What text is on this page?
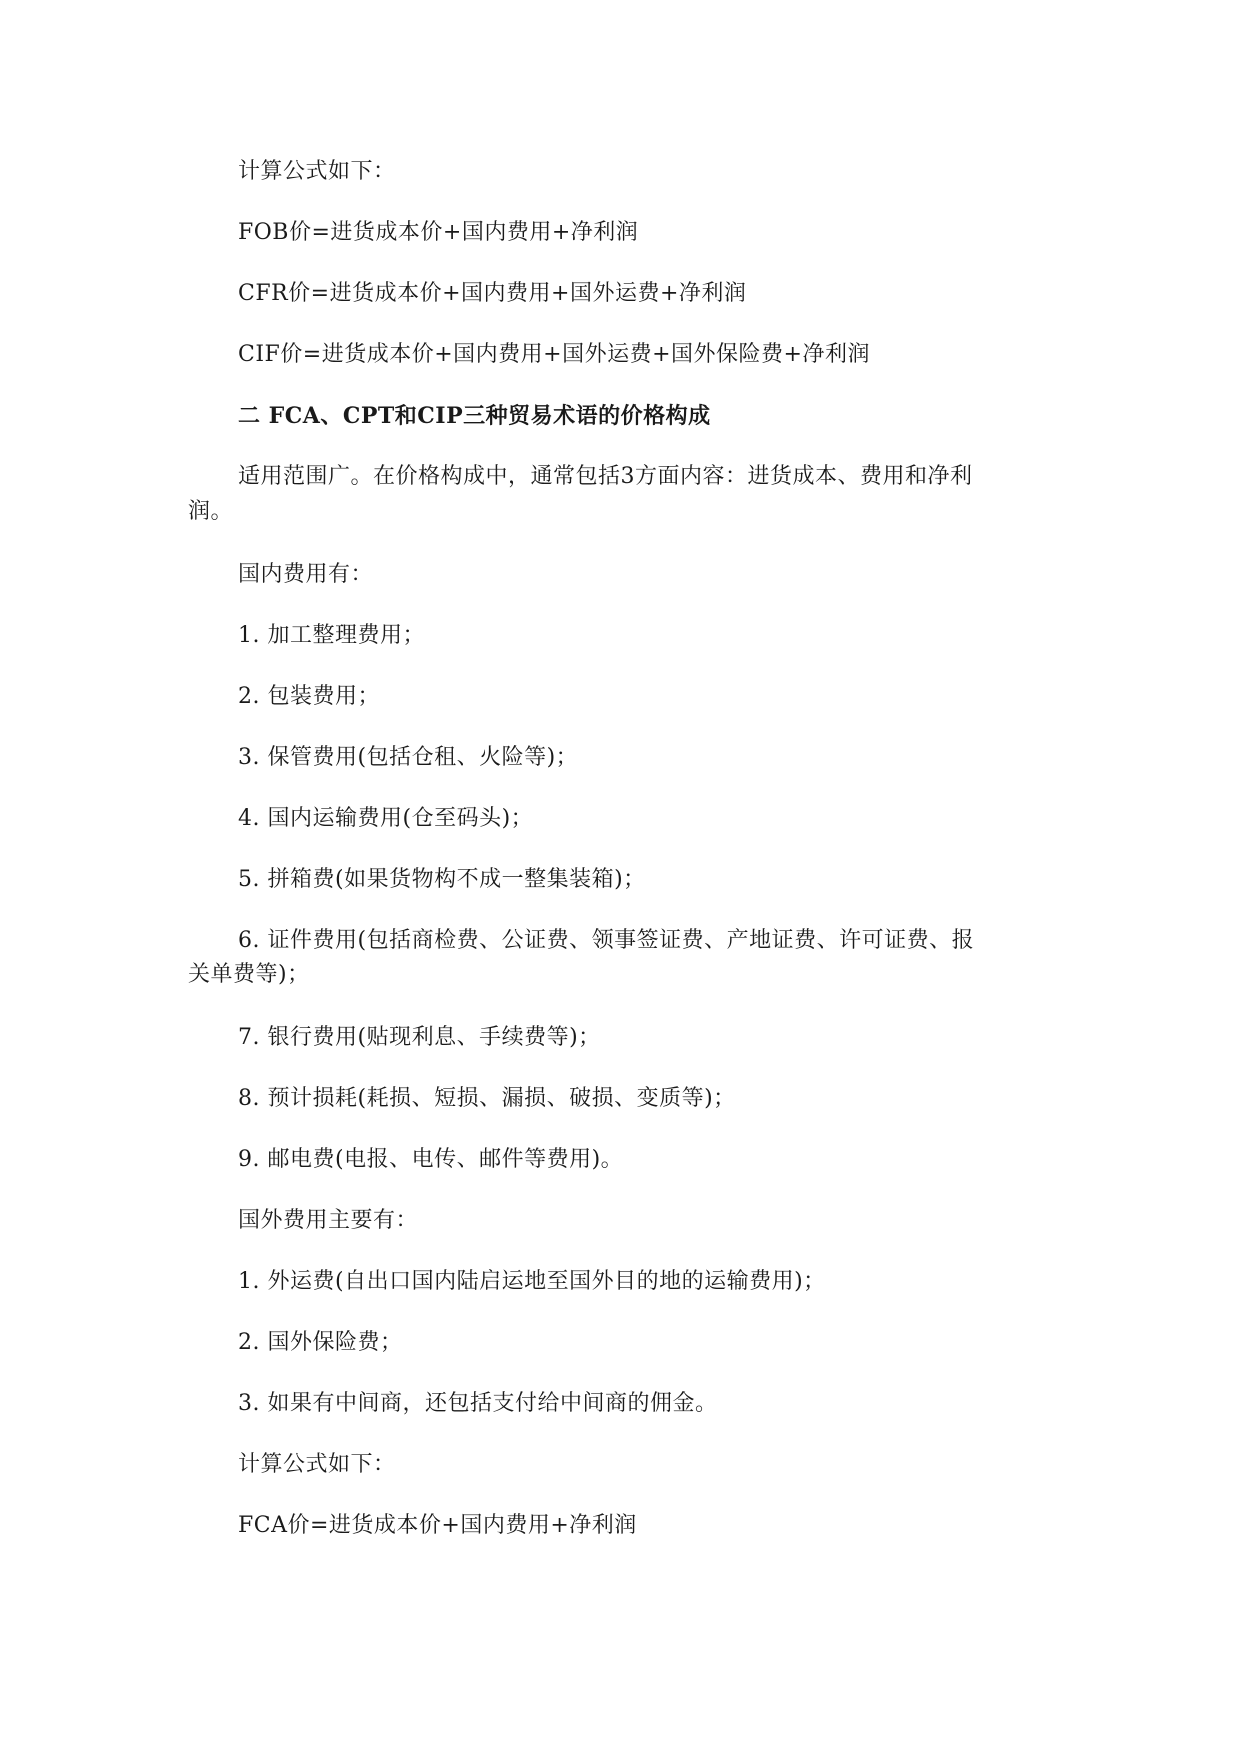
计算公式如下：
FOB价=进货成本价+国内费用+净利润
CFR价=进货成本价+国内费用+国外运费+净利润
CIF价=进货成本价+国内费用+国外运费+国外保险费+净利润
二 FCA、CPT和CIP三种贸易术语的价格构成
适用范围广。在价格构成中，通常包括3方面内容：进货成本、费用和净利
润。
国内费用有：
1. 加工整理费用；
2. 包装费用；
3. 保管费用(包括仓租、火险等)；
4. 国内运输费用(仓至码头)；
5. 拼箱费(如果货物构不成一整集装箱)；
6. 证件费用(包括商检费、公证费、领事签证费、产地证费、许可证费、报
关单费等)；
7. 银行费用(贴现利息、手续费等)；
8. 预计损耗(耗损、短损、漏损、破损、变质等)；
9. 邮电费(电报、电传、邮件等费用)。
国外费用主要有：
1. 外运费(自出口国内陆启运地至国外目的地的运输费用)；
2. 国外保险费；
3. 如果有中间商，还包括支付给中间商的佣金。
计算公式如下：
FCA价=进货成本价+国内费用+净利润
